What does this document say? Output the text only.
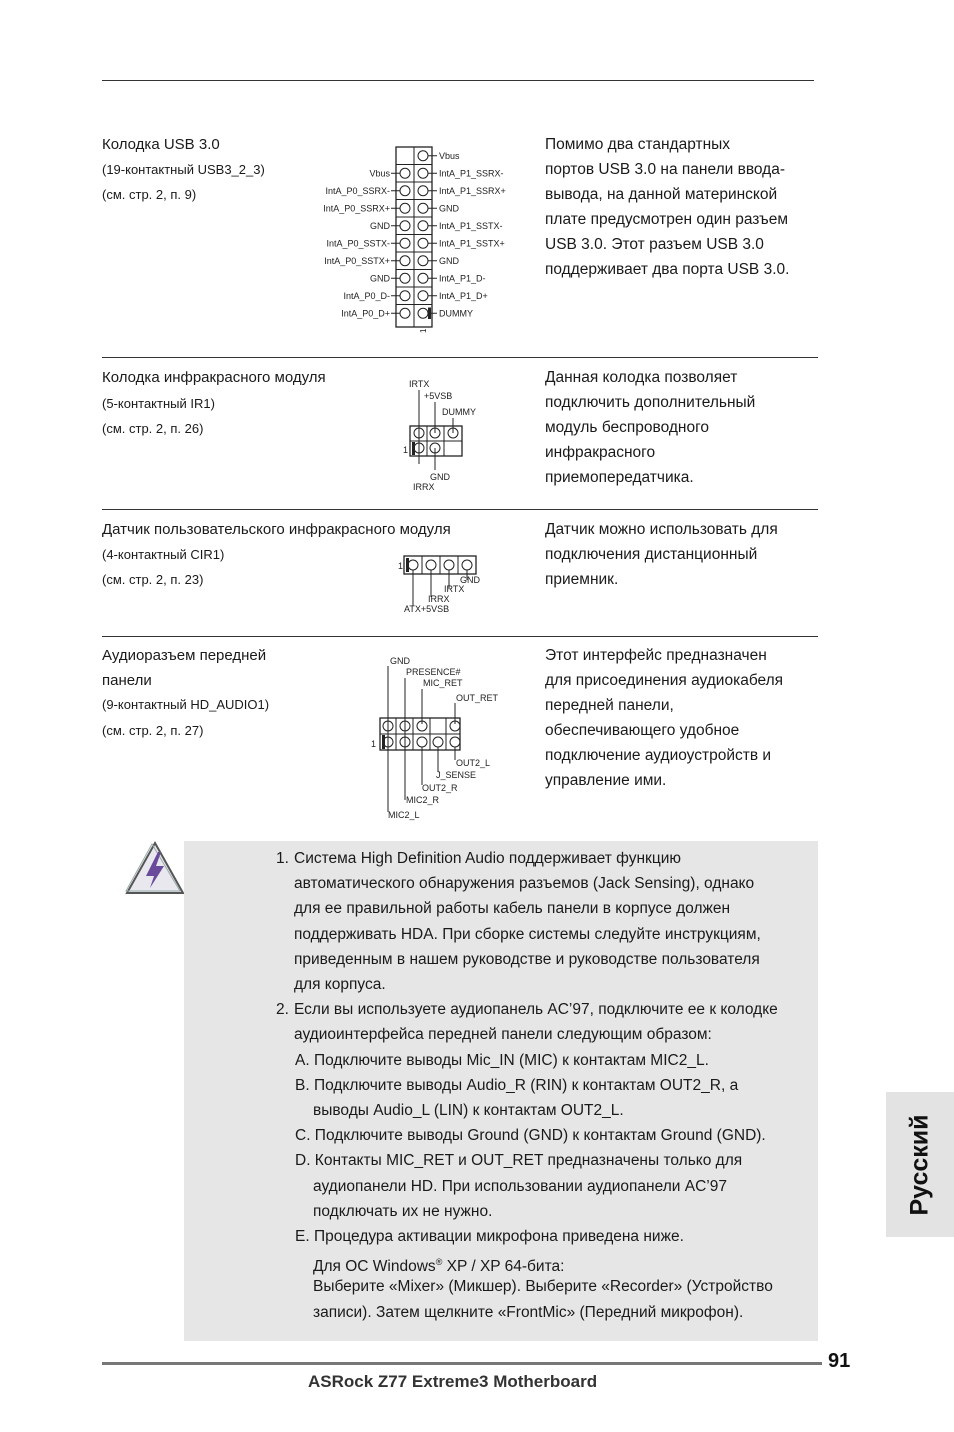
Колодка USB 3.0
(19-контактный USB3_2_3)
(см. стр. 2, п. 9)
Vbus
Vbus	IntA_P1_SSRX-
IntA_P0_SSRX-	IntA_P1_SSRX+
IntA_P0_SSRX+	GND
GND	IntA_P1_SSTX-
IntA_P0_SSTX-	IntA_P1_SSTX+
IntA_P0_SSTX+	GND
GND	IntA_P1_D-
IntA_P0_D-	IntA_P1_D+
IntA_P0_D+	DUMMY
1
Помимо два стандартных
портов USB 3.0 на панели ввода-
вывода, на данной материнской
плате предусмотрен один разъем
USB 3.0. Этот разъем USB 3.0
поддерживает два порта USB 3.0.
Колодка инфракрасного модуля
(5-контактный IR1)
(см. стр. 2, п. 26)
IRTX
+5VSB
DUMMY
1
GND
IRRX
Данная колодка позволяет
подключить дополнительный
модуль беспроводного
инфракрасного
приемопередатчика.
Датчик пользовательского инфракрасного модуля
(4-контактный CIR1)
(см. стр. 2, п. 23)
1
GND
IRTX
IRRX
ATX+5VSB
Датчик можно использовать для
подключения дистанционный
приемник.
Аудиоразъем передней
панели
(9-контактный HD_AUDIO1)
(см. стр. 2, п. 27)
GND
PRESENCE#
MIC_RET
OUT_RET
1
OUT2_L
J_SENSE
OUT2_R
MIC2_R
MIC2_L
Этот интерфейс предназначен
для присоединения аудиокабеля
передней панели,
обеспечивающего удобное
подключение аудиоустройств и
управление ими.
1. Система High Definition Audio поддерживает функцию
автоматического обнаружения разъемов (Jack Sensing), однако
для ее правильной работы кабель панели в корпусе должен
поддерживать HDA. При сборке системы следуйте инструкциям,
приведенным в нашем руководстве и руководстве пользователя
для корпуса.
2. Если вы используете аудиопанель AC’97, подключите ее к колодке
аудиоинтерфейса передней панели следующим образом:
A. Подключите выводы Mic_IN (MIC) к контактам MIC2_L.
B. Подключите выводы Audio_R (RIN) к контактам OUT2_R, а
выводы Audio_L (LIN) к контактам OUT2_L.
C. Подключите выводы Ground (GND) к контактам Ground (GND).
D. Контакты MIC_RET и OUT_RET предназначены только для
аудиопанели HD. При использовании аудиопанели AC’97
подключать их не нужно.
E. Процедура активации микрофона приведена ниже.
Для ОС Windows® XP / XP 64-бита:
Выберите «Mixer» (Микшер). Выберите «Recorder» (Устройство
записи). Затем щелкните «FrontMic» (Передний микрофон).
Русский
91
ASRock Z77 Extreme3 Motherboard
